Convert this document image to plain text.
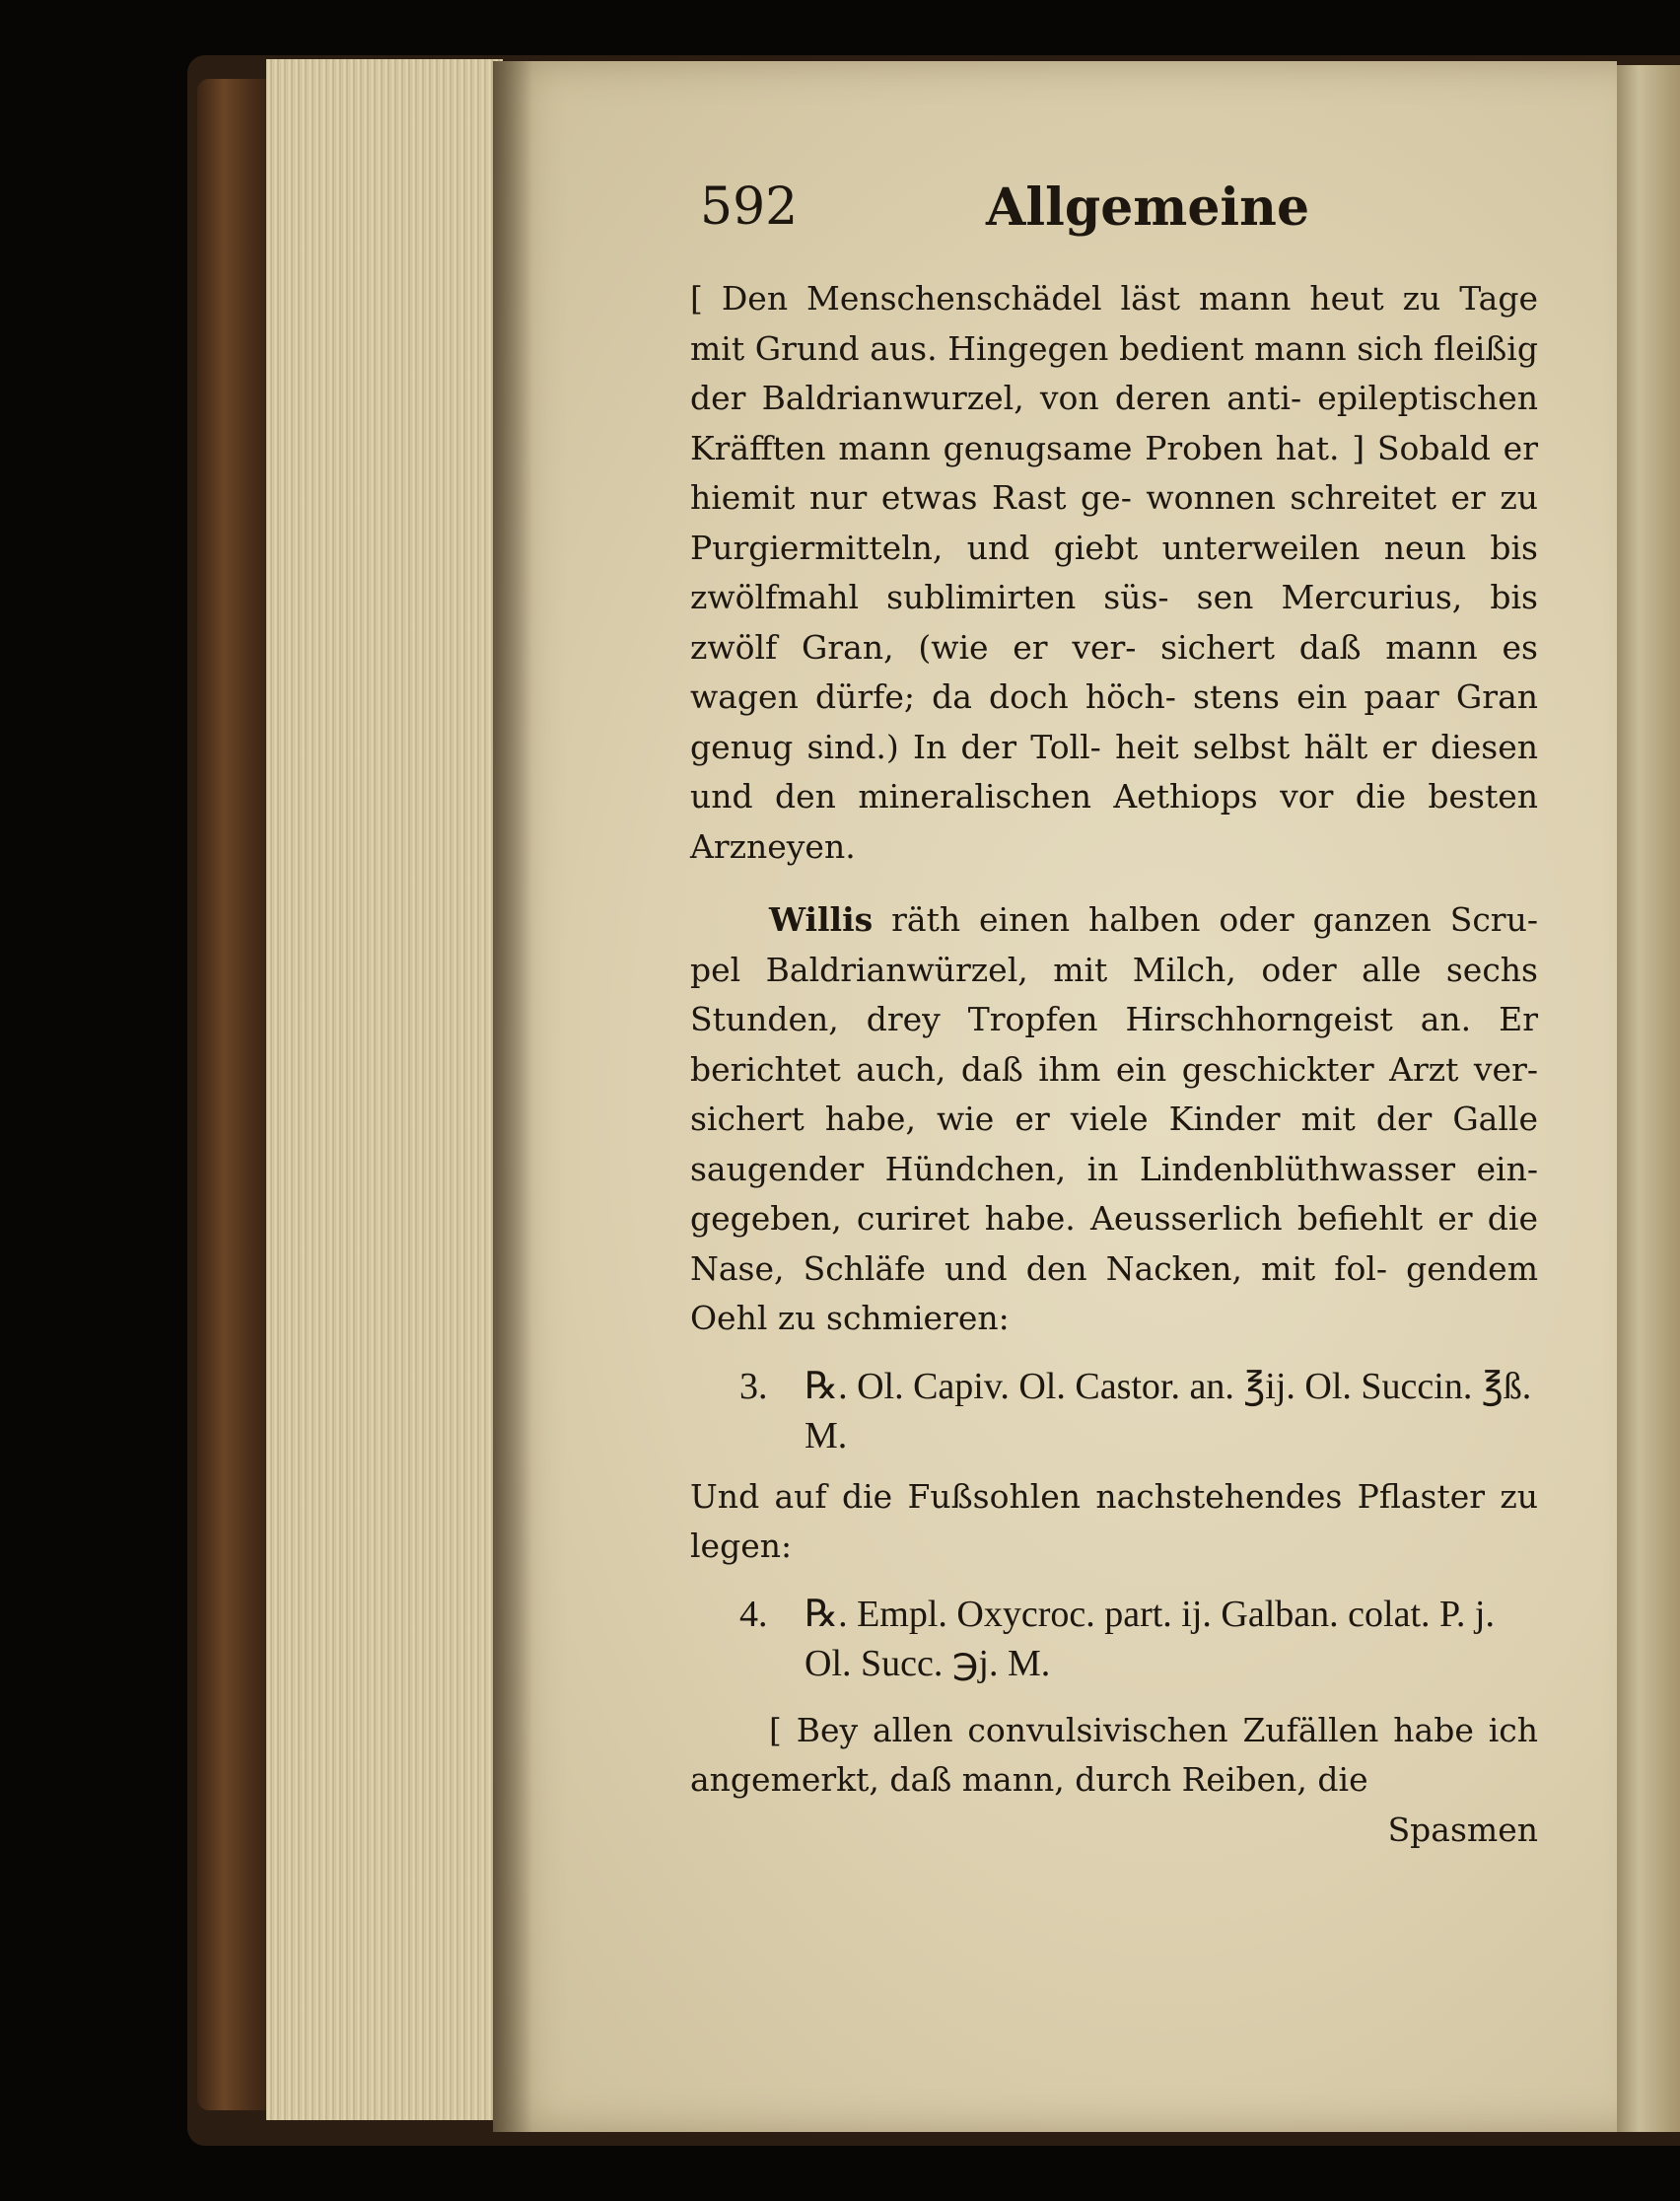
592	Allgemeine

[ Den Menschenschädel läst mann heut zu Tage mit Grund aus. Hingegen bedient mann sich fleißig der Baldrianwurzel, von deren anti- epileptischen Kräfften mann genugsame Proben hat. ] Sobald er hiemit nur etwas Rast ge- wonnen schreitet er zu Purgiermitteln, und giebt unterweilen neun bis zwölfmahl sublimirten süs- sen Mercurius, bis zwölf Gran, (wie er ver- sichert daß mann es wagen dürfe; da doch höch- stens ein paar Gran genug sind.) In der Toll- heit selbst hält er diesen und den mineralischen Aethiops vor die besten Arzneyen.

Willis räth einen halben oder ganzen Scru- pel Baldrianwürzel, mit Milch, oder alle sechs Stunden, drey Tropfen Hirschhorngeist an. Er berichtet auch, daß ihm ein geschickter Arzt ver- sichert habe, wie er viele Kinder mit der Galle saugender Hündchen, in Lindenblüthwasser ein- gegeben, curiret habe. Aeusserlich befiehlt er die Nase, Schläfe und den Nacken, mit fol- gendem Oehl zu schmieren:

3. ℞. Ol. Capiv. Ol. Castor. an. ℥ij. Ol. Succin. ℥ß. M.

Und auf die Fußsohlen nachstehendes Pflaster zu legen:

4. ℞. Empl. Oxycroc. part. ij. Galban. colat. P. j. Ol. Succ. ℈j. M.

[ Bey allen convulsivischen Zufällen habe ich angemerkt, daß mann, durch Reiben, die

Spasmen
